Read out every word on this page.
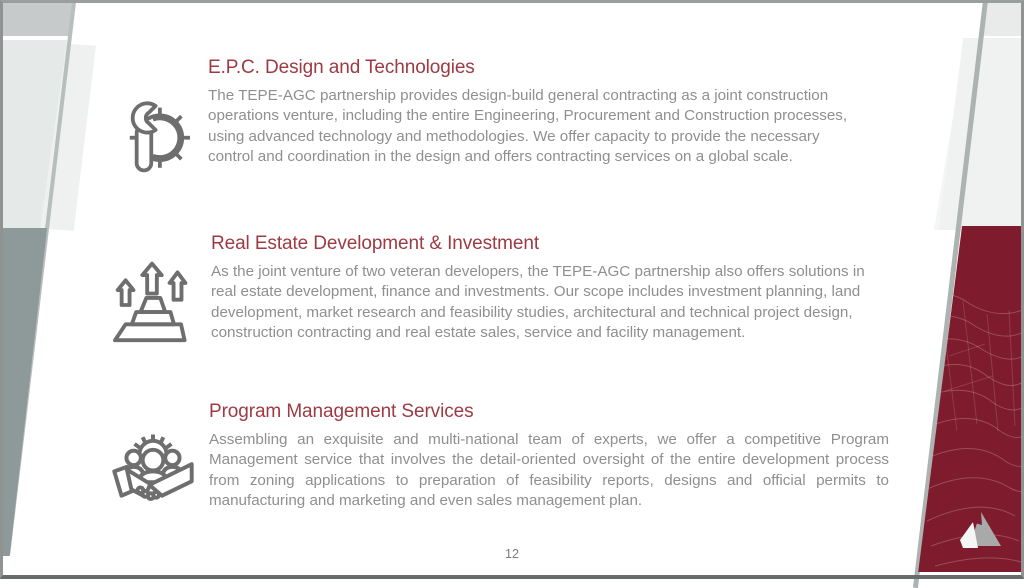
E.P.C. Design and Technologies

The TEPE-AGC partnership provides design-build general contracting as a joint construction operations venture, including the entire Engineering, Procurement and Construction processes, using advanced technology and methodologies. We offer capacity to provide the necessary control and coordination in the design and offers contracting services on a global scale.

Real Estate Development & Investment

As the joint venture of two veteran developers, the TEPE-AGC partnership also offers solutions in real estate development, finance and investments. Our scope includes investment planning, land development, market research and feasibility studies, architectural and technical project design, construction contracting and real estate sales, service and facility management.

Program Management Services

Assembling an exquisite and multi-national team of experts, we offer a competitive Program Management service that involves the detail-oriented oversight of the entire development process from zoning applications to preparation of feasibility reports, designs and official permits to manufacturing and marketing and even sales management plan.

12
